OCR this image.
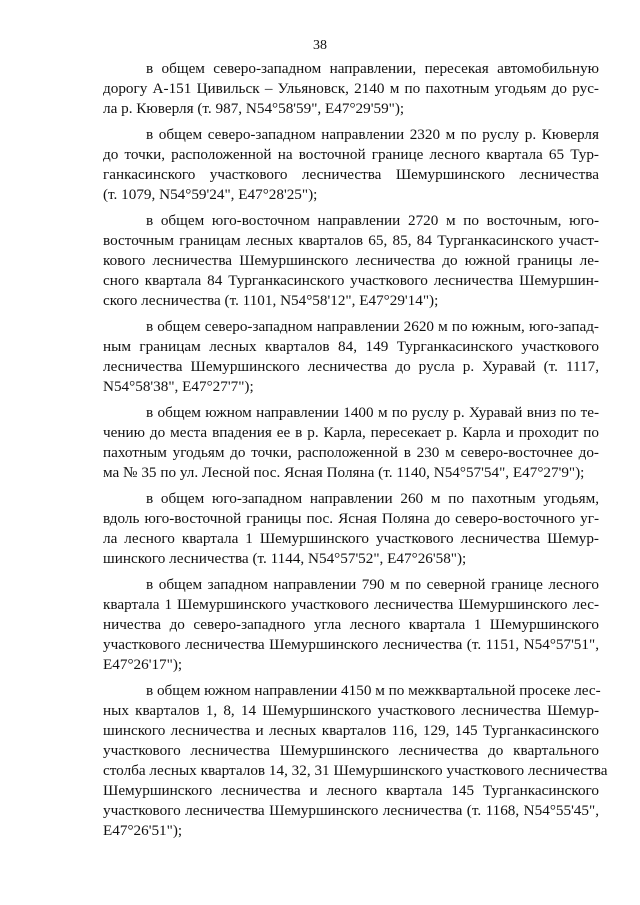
38

в общем северо-западном направлении, пересекая автомобильную
дорогу А-151 Цивильск – Ульяновск, 2140 м по пахотным угодьям до рус-
ла р. Кюверля (т. 987, N54°58'59", E47°29'59");

в общем северо-западном направлении 2320 м по руслу р. Кюверля
до точки, расположенной на восточной границе лесного квартала 65 Тур-
ганкасинского участкового лесничества Шемуршинского лесничества
(т. 1079, N54°59'24", E47°28'25");

в общем юго-восточном направлении 2720 м по восточным, юго-
восточным границам лесных кварталов 65, 85, 84 Турганкасинского участ-
кового лесничества Шемуршинского лесничества до южной границы ле-
сного квартала 84 Турганкасинского участкового лесничества Шемуршин-
ского лесничества (т. 1101, N54°58'12", E47°29'14");

в общем северо-западном направлении 2620 м по южным, юго-запад-
ным границам лесных кварталов 84, 149 Турганкасинского участкового
лесничества Шемуршинского лесничества до русла р. Хуравай (т. 1117,
N54°58'38", E47°27'7");

в общем южном направлении 1400 м по руслу р. Хуравай вниз по те-
чению до места впадения ее в р. Карла, пересекает р. Карла и проходит по
пахотным угодьям до точки, расположенной в 230 м северо-восточнее до-
ма № 35 по ул. Лесной пос. Ясная Поляна (т. 1140, N54°57'54", E47°27'9");

в общем юго-западном направлении 260 м по пахотным угодьям,
вдоль юго-восточной границы пос. Ясная Поляна до северо-восточного уг-
ла лесного квартала 1 Шемуршинского участкового лесничества Шемур-
шинского лесничества (т. 1144, N54°57'52", E47°26'58");

в общем западном направлении 790 м по северной границе лесного
квартала 1 Шемуршинского участкового лесничества Шемуршинского лес-
ничества до северо-западного угла лесного квартала 1 Шемуршинского
участкового лесничества Шемуршинского лесничества (т. 1151, N54°57'51",
E47°26'17");

в общем южном направлении 4150 м по межквартальной просеке лес-
ных кварталов 1, 8, 14 Шемуршинского участкового лесничества Шемур-
шинского лесничества и лесных кварталов 116, 129, 145 Турганкасинского
участкового лесничества Шемуршинского лесничества до квартального
столба лесных кварталов 14, 32, 31 Шемуршинского участкового лесничества
Шемуршинского лесничества и лесного квартала 145 Турганкасинского
участкового лесничества Шемуршинского лесничества (т. 1168, N54°55'45",
E47°26'51");
